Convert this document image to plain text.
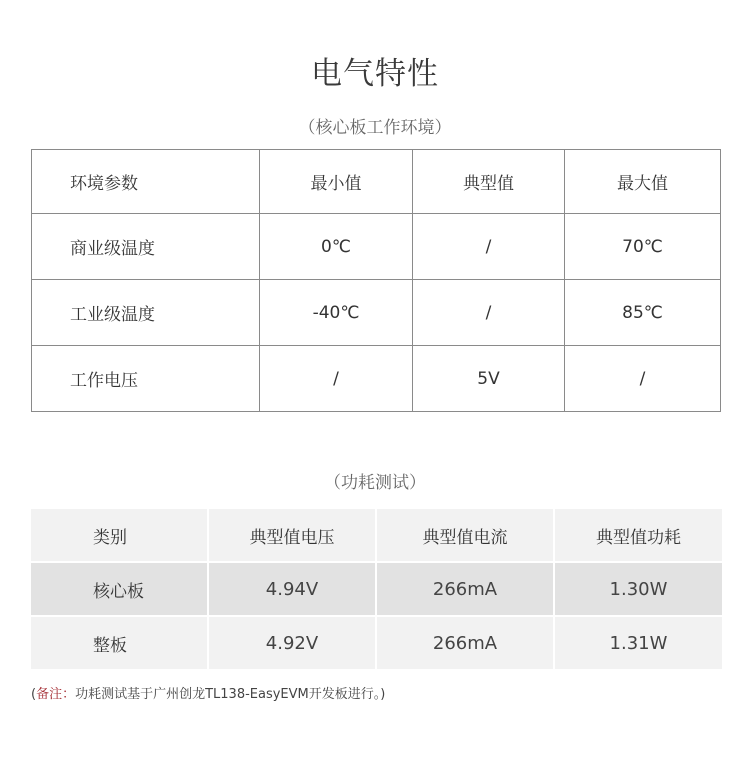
电气特性
（核心板工作环境）
环境参数	最小值	典型值	最大值
商业级温度	0℃	/	70℃
工业级温度	-40℃	/	85℃
工作电压	/	5V	/
（功耗测试）
类别	典型值电压	典型值电流	典型值功耗
核心板	4.94V	266mA	1.30W
整板	4.92V	266mA	1.31W
(备注：功耗测试基于广州创龙TL138-EasyEVM开发板进行。)
